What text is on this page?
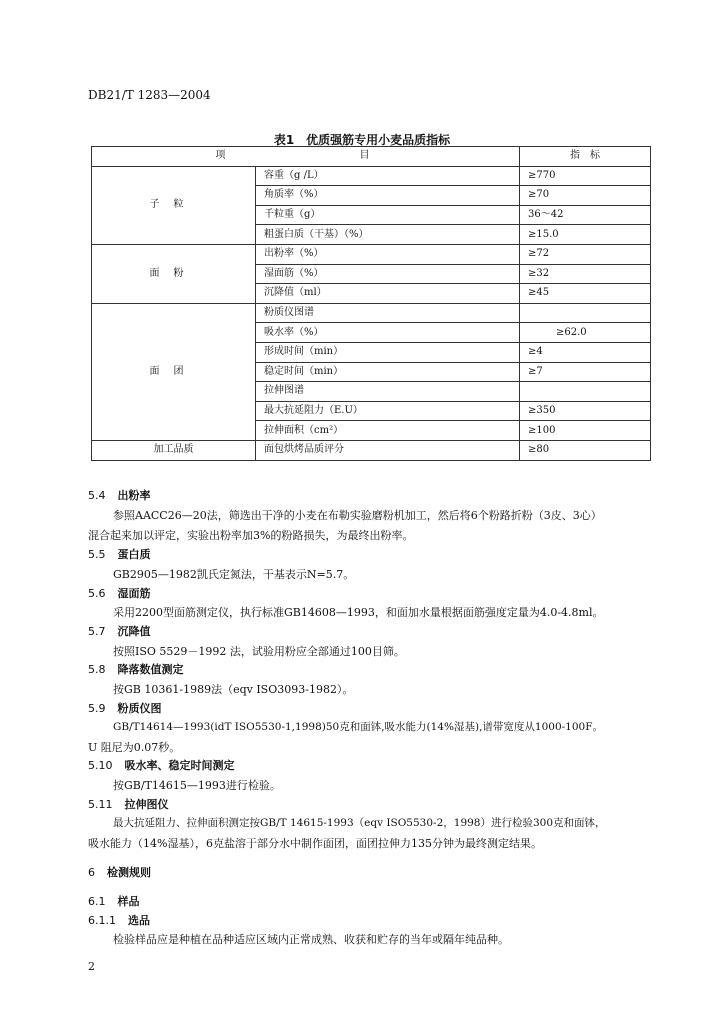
DB21/T 1283—2004
表1　优质强筋专用小麦品质指标
项　　　目		指　标
子粒	容重（g /L）	≥770
	角质率（%）	≥70
	千粒重（g）	36～42
	粗蛋白质（干基）（%）	≥15.0
面粉	出粉率（%）	≥72
	湿面筋（%）	≥32
	沉降值（ml）	≥45
面团	粉质仪图谱	
	吸水率（%）	≥62.0
	形成时间（min）	≥4
	稳定时间（min）	≥7
	拉伸图谱	
	最大抗延阻力（E.U）	≥350
	拉伸面积（cm²）	≥100
加工品质	面包烘烤品质评分	≥80
5.4 出粉率
参照AACC26—20法，筛选出干净的小麦在布勒实验磨粉机加工，然后将6个粉路折粉（3皮、3心）
混合起来加以评定，实验出粉率加3%的粉路损失，为最终出粉率。
5.5 蛋白质
GB2905—1982凯氏定氮法，干基表示N=5.7。
5.6 湿面筋
采用2200型面筋测定仪，执行标准GB14608—1993，和面加水量根据面筋强度定量为4.0-4.8ml。
5.7 沉降值
按照ISO 5529－1992 法，试验用粉应全部通过100目筛。
5.8 降落数值测定
按GB 10361-1989法（eqv ISO3093-1982）。
5.9 粉质仪图
GB/T14614—1993(idT ISO5530-1,1998)50克和面钵,吸水能力(14%湿基),谱带宽度从1000-100F。
U 阻尼为0.07秒。
5.10 吸水率、稳定时间测定
按GB/T14615—1993进行检验。
5.11 拉伸图仪
最大抗延阻力、拉伸面积测定按GB/T 14615-1993（eqv ISO5530-2，1998）进行检验300克和面钵，
吸水能力（14%湿基），6克盐溶于部分水中制作面团，面团拉伸力135分钟为最终测定结果。
6 检测规则
6.1 样品
6.1.1 选品
检验样品应是种植在品种适应区域内正常成熟、收获和贮存的当年或隔年纯品种。
2
